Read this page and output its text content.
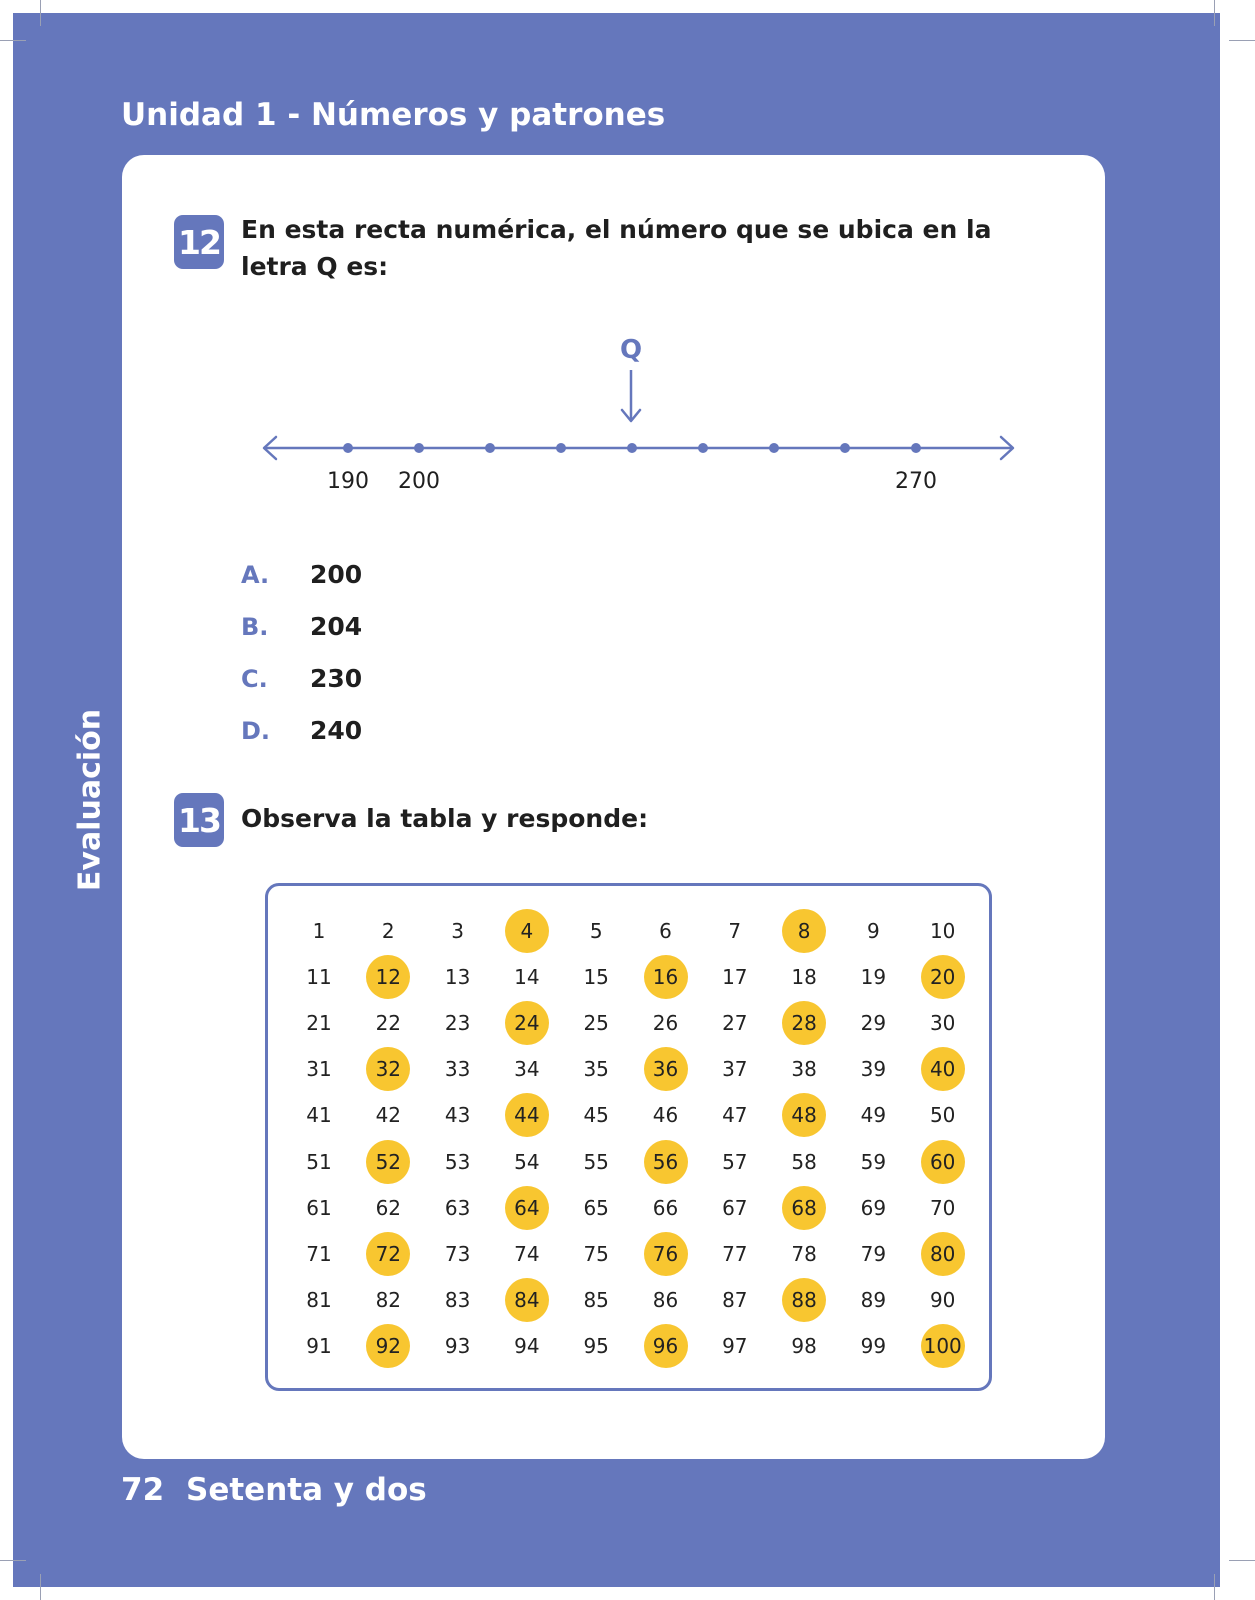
Unidad 1 - Números y patrones
Evaluación
12 En esta recta numérica, el número que se ubica en la
letra Q es:
Q
190 200	270
A. 200
B. 204
C. 230
D. 240
13 Observa la tabla y responde:
1	2	3	4	5	6	7	8	9	10
11	12	13	14	15	16	17	18	19	20
21	22	23	24	25	26	27	28	29	30
31	32	33	34	35	36	37	38	39	40
41	42	43	44	45	46	47	48	49	50
51	52	53	54	55	56	57	58	59	60
61	62	63	64	65	66	67	68	69	70
71	72	73	74	75	76	77	78	79	80
81	82	83	84	85	86	87	88	89	90
91	92	93	94	95	96	97	98	99	100
72 Setenta y dos
